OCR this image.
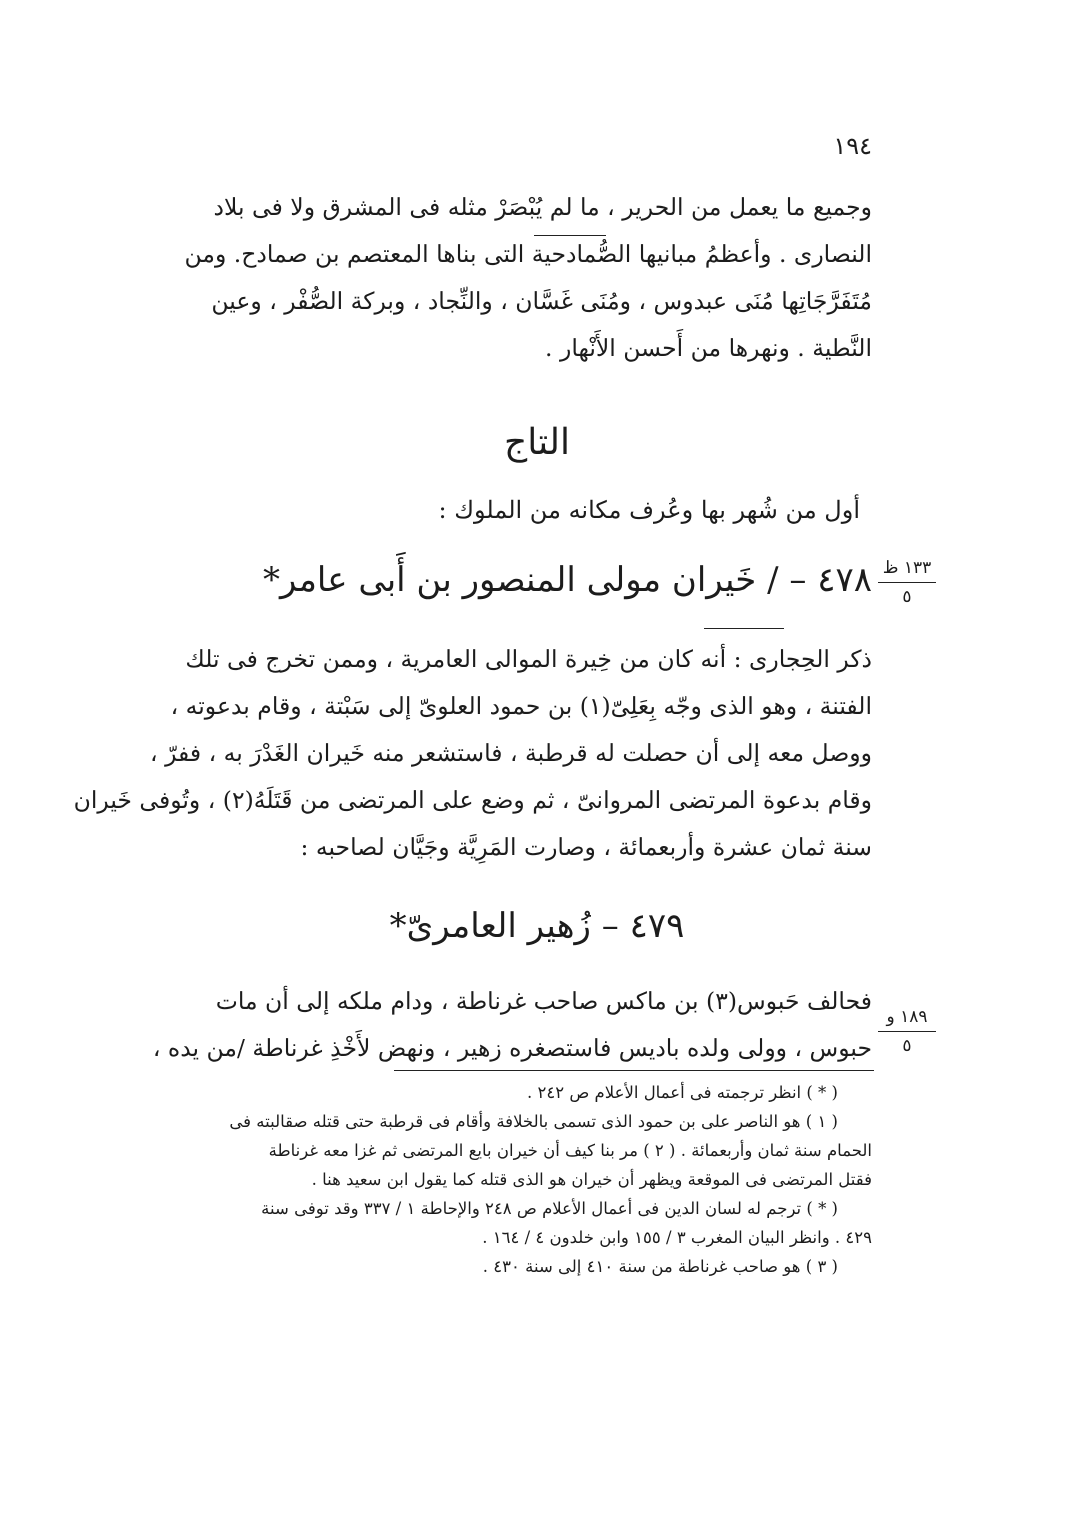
١٩٤
وجميع ما يعمل من الحرير ، ما لم يُبْصَرْ مثله فى المشرق ولا فى بلاد
النصارى . وأعظمُ مبانيها الصُّمادحية التى بناها المعتصم بن صمادح. ومن
مُتَفَرَّجَاتِها مُنَى عبدوس ، ومُنَى غَسَّان ، والنِّجاد ، وبركة الصُّفْر ، وعين
النَّطية . ونهرها من أَحسن الأَنْهار .
التاج
أول من شُهر بها وعُرف مكانه من الملوك :
١٣٣ ظ
٥
٤٧٨ – / خَيران مولى المنصور بن أَبى عامر*
ذكر الحِجارى : أنه كان من خِيرة الموالى العامرية ، وممن تخرج فى تلك
الفتنة ، وهو الذى وجّه بِعَلِىّ(١) بن حمود العلوىّ إلى سَبْتة ، وقام بدعوته ،
ووصل معه إلى أن حصلت له قرطبة ، فاستشعر منه خَيران الغَدْرَ به ، ففرّ ،
وقام بدعوة المرتضى المروانىّ ، ثم وضع على المرتضى من قَتَلَهُ(٢) ، وتُوفى خَيران
سنة ثمان عشرة وأربعمائة ، وصارت المَرِيَّة وجَيَّان لصاحبه :
٤٧٩ – زُهير العامرىّ*
١٨٩ و
٥
فحالف حَبوس(٣) بن ماكس صاحب غرناطة ، ودام ملكه إلى أن مات
حبوس ، وولى ولده باديس فاستصغره زهير ، ونهض لأَخْذِ غرناطة /من يده ،
( * ) انظر ترجمته فى أعمال الأعلام ص ٢٤٢ .
( ١ ) هو الناصر على بن حمود الذى تسمى بالخلافة وأقام فى قرطبة حتى قتله صقالبته فى
الحمام سنة ثمان وأربعمائة . ( ٢ ) مر بنا كيف أن خيران بايع المرتضى ثم غزا معه غرناطة
فقتل المرتضى فى الموقعة ويظهر أن خيران هو الذى قتله كما يقول ابن سعيد هنا .
( * ) ترجم له لسان الدين فى أعمال الأعلام ص ٢٤٨ والإحاطة ١ / ٣٣٧ وقد توفى سنة
٤٢٩ . وانظر البيان المغرب ٣ / ١٥٥ وابن خلدون ٤ / ١٦٤ .
( ٣ ) هو صاحب غرناطة من سنة ٤١٠ إلى سنة ٤٣٠ .
